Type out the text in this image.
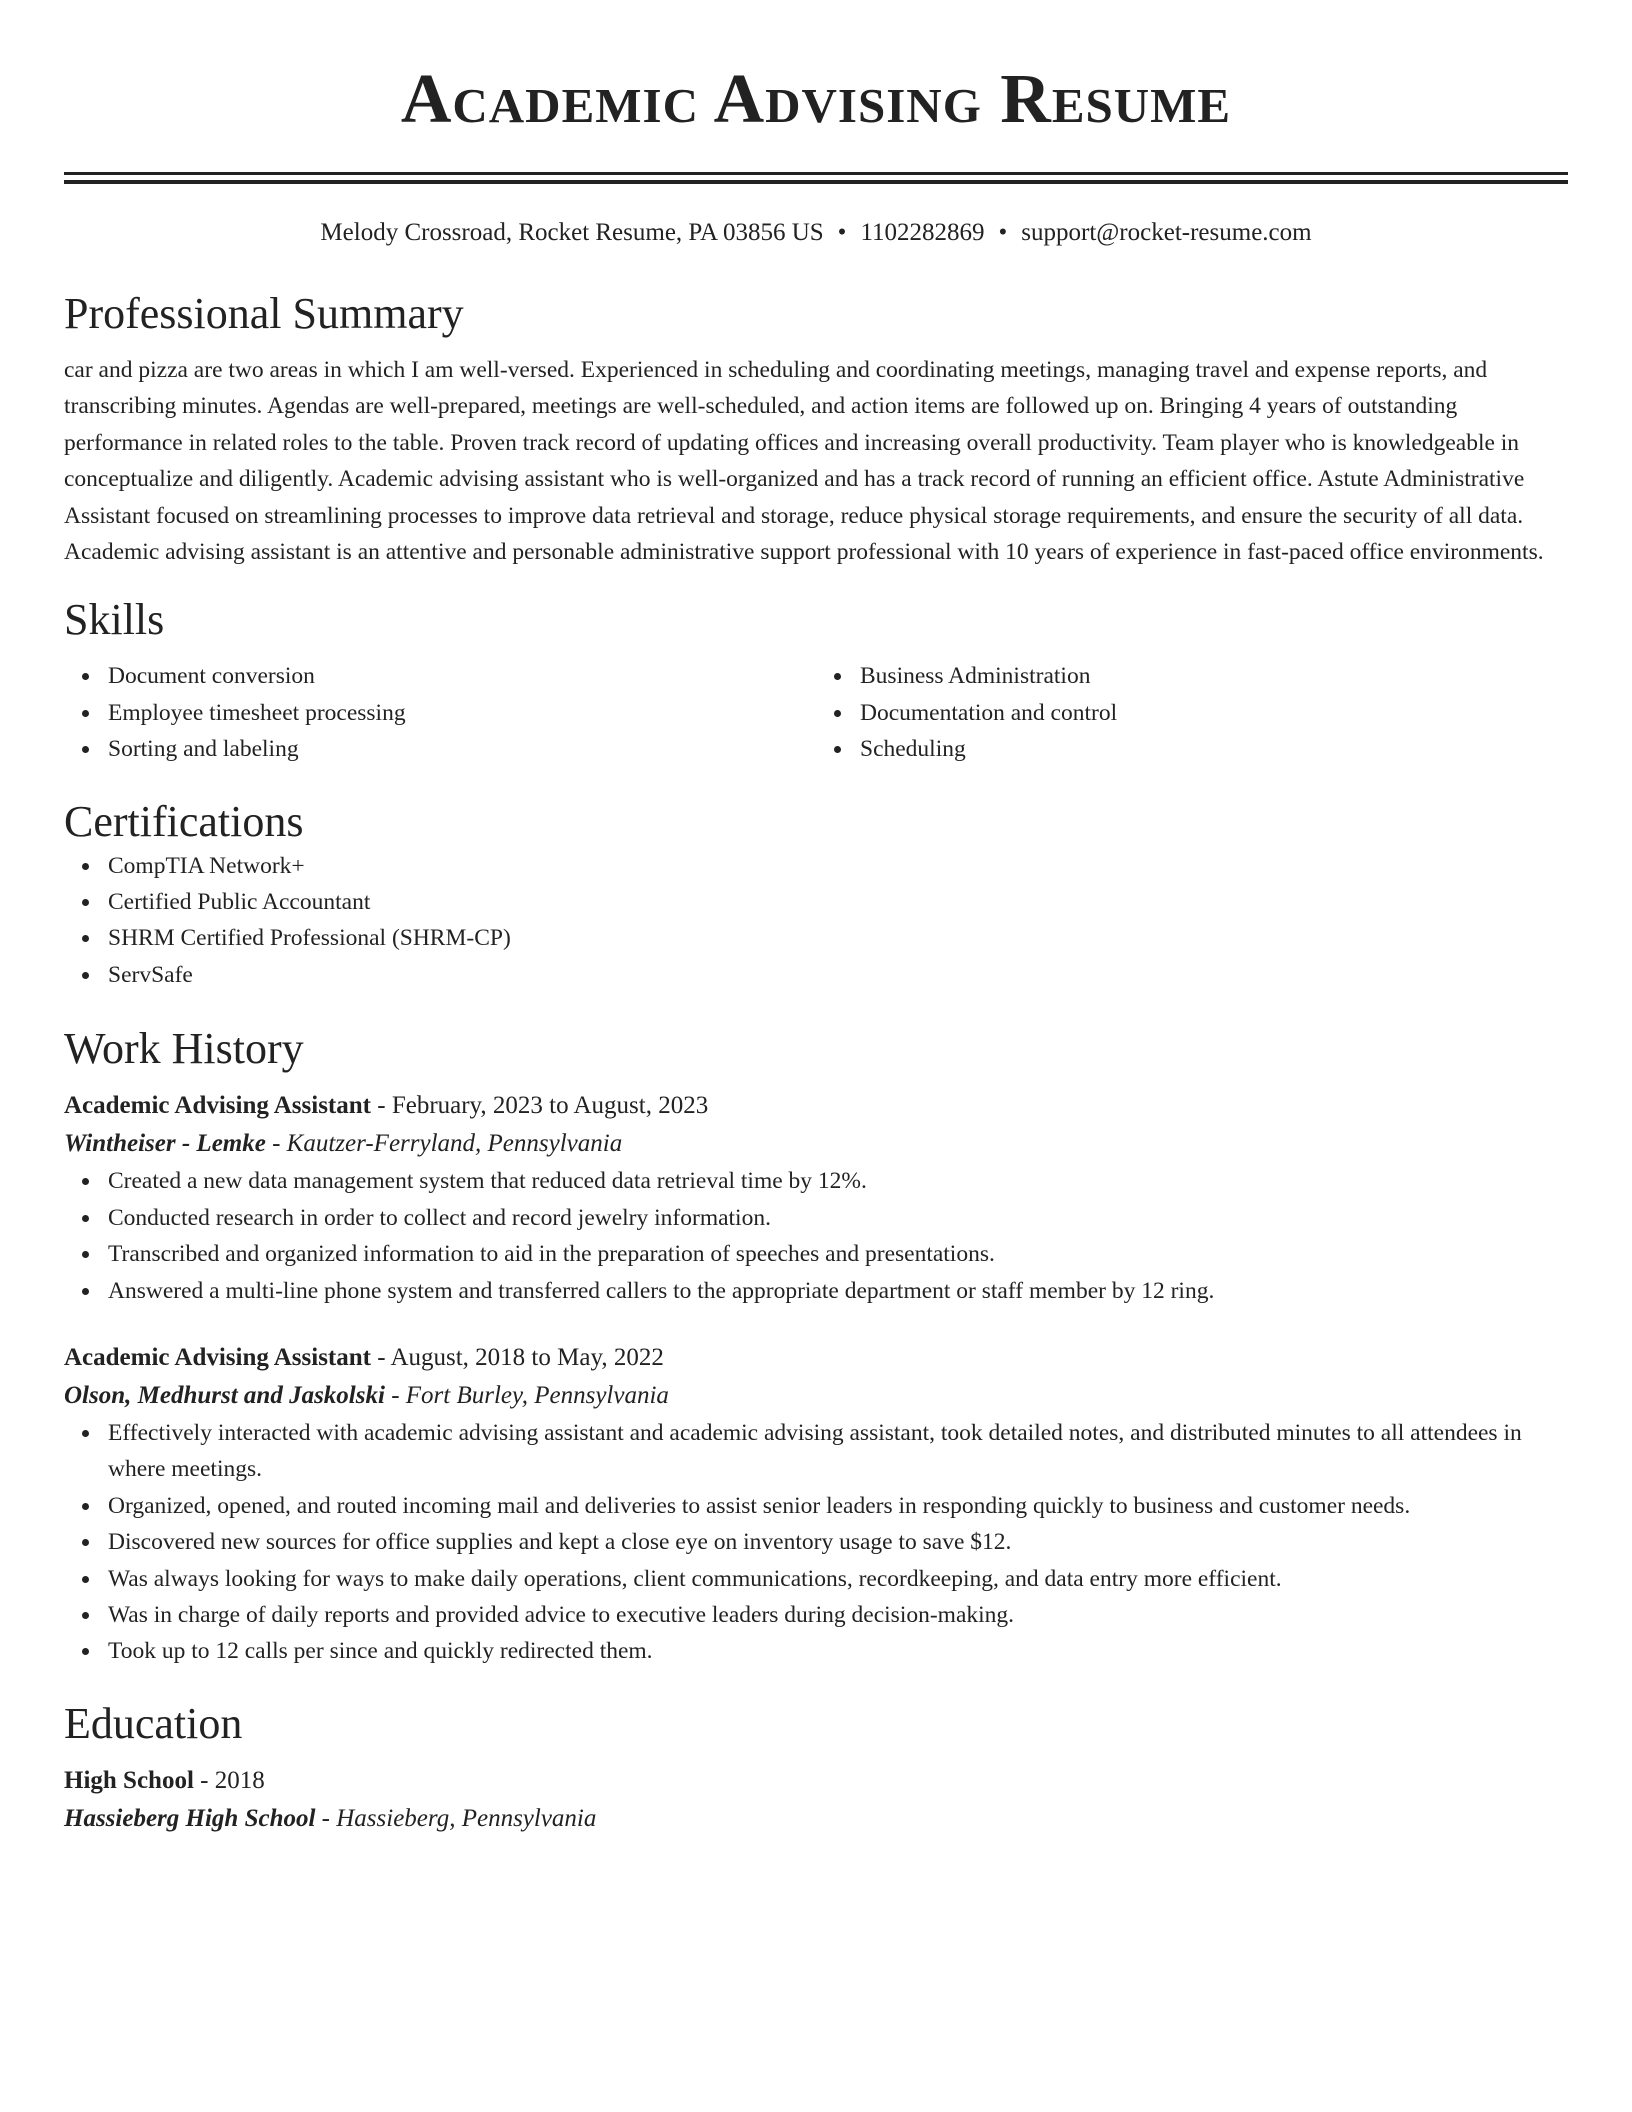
Academic Advising Resume
Melody Crossroad, Rocket Resume, PA 03856 US • 1102282869 • support@rocket-resume.com
Professional Summary

car and pizza are two areas in which I am well-versed. Experienced in scheduling and coordinating meetings, managing travel and expense reports, and transcribing minutes. Agendas are well-prepared, meetings are well-scheduled, and action items are followed up on. Bringing 4 years of outstanding performance in related roles to the table. Proven track record of updating offices and increasing overall productivity. Team player who is knowledgeable in conceptualize and diligently. Academic advising assistant who is well-organized and has a track record of running an efficient office. Astute Administrative Assistant focused on streamlining processes to improve data retrieval and storage, reduce physical storage requirements, and ensure the security of all data. Academic advising assistant is an attentive and personable administrative support professional with 10 years of experience in fast-paced office environments.

Skills
Document conversion
Employee timesheet processing
Sorting and labeling
Business Administration
Documentation and control
Scheduling
Certifications
CompTIA Network+
Certified Public Accountant
SHRM Certified Professional (SHRM-CP)
ServSafe
Work History
Academic Advising Assistant - February, 2023 to August, 2023
Wintheiser - Lemke - Kautzer-Ferryland, Pennsylvania
Created a new data management system that reduced data retrieval time by 12%.
Conducted research in order to collect and record jewelry information.
Transcribed and organized information to aid in the preparation of speeches and presentations.
Answered a multi-line phone system and transferred callers to the appropriate department or staff member by 12 ring.
Academic Advising Assistant - August, 2018 to May, 2022
Olson, Medhurst and Jaskolski - Fort Burley, Pennsylvania
Effectively interacted with academic advising assistant and academic advising assistant, took detailed notes, and distributed minutes to all attendees in where meetings.
Organized, opened, and routed incoming mail and deliveries to assist senior leaders in responding quickly to business and customer needs.
Discovered new sources for office supplies and kept a close eye on inventory usage to save $12.
Was always looking for ways to make daily operations, client communications, recordkeeping, and data entry more efficient.
Was in charge of daily reports and provided advice to executive leaders during decision-making.
Took up to 12 calls per since and quickly redirected them.
Education
High School - 2018
Hassieberg High School - Hassieberg, Pennsylvania
